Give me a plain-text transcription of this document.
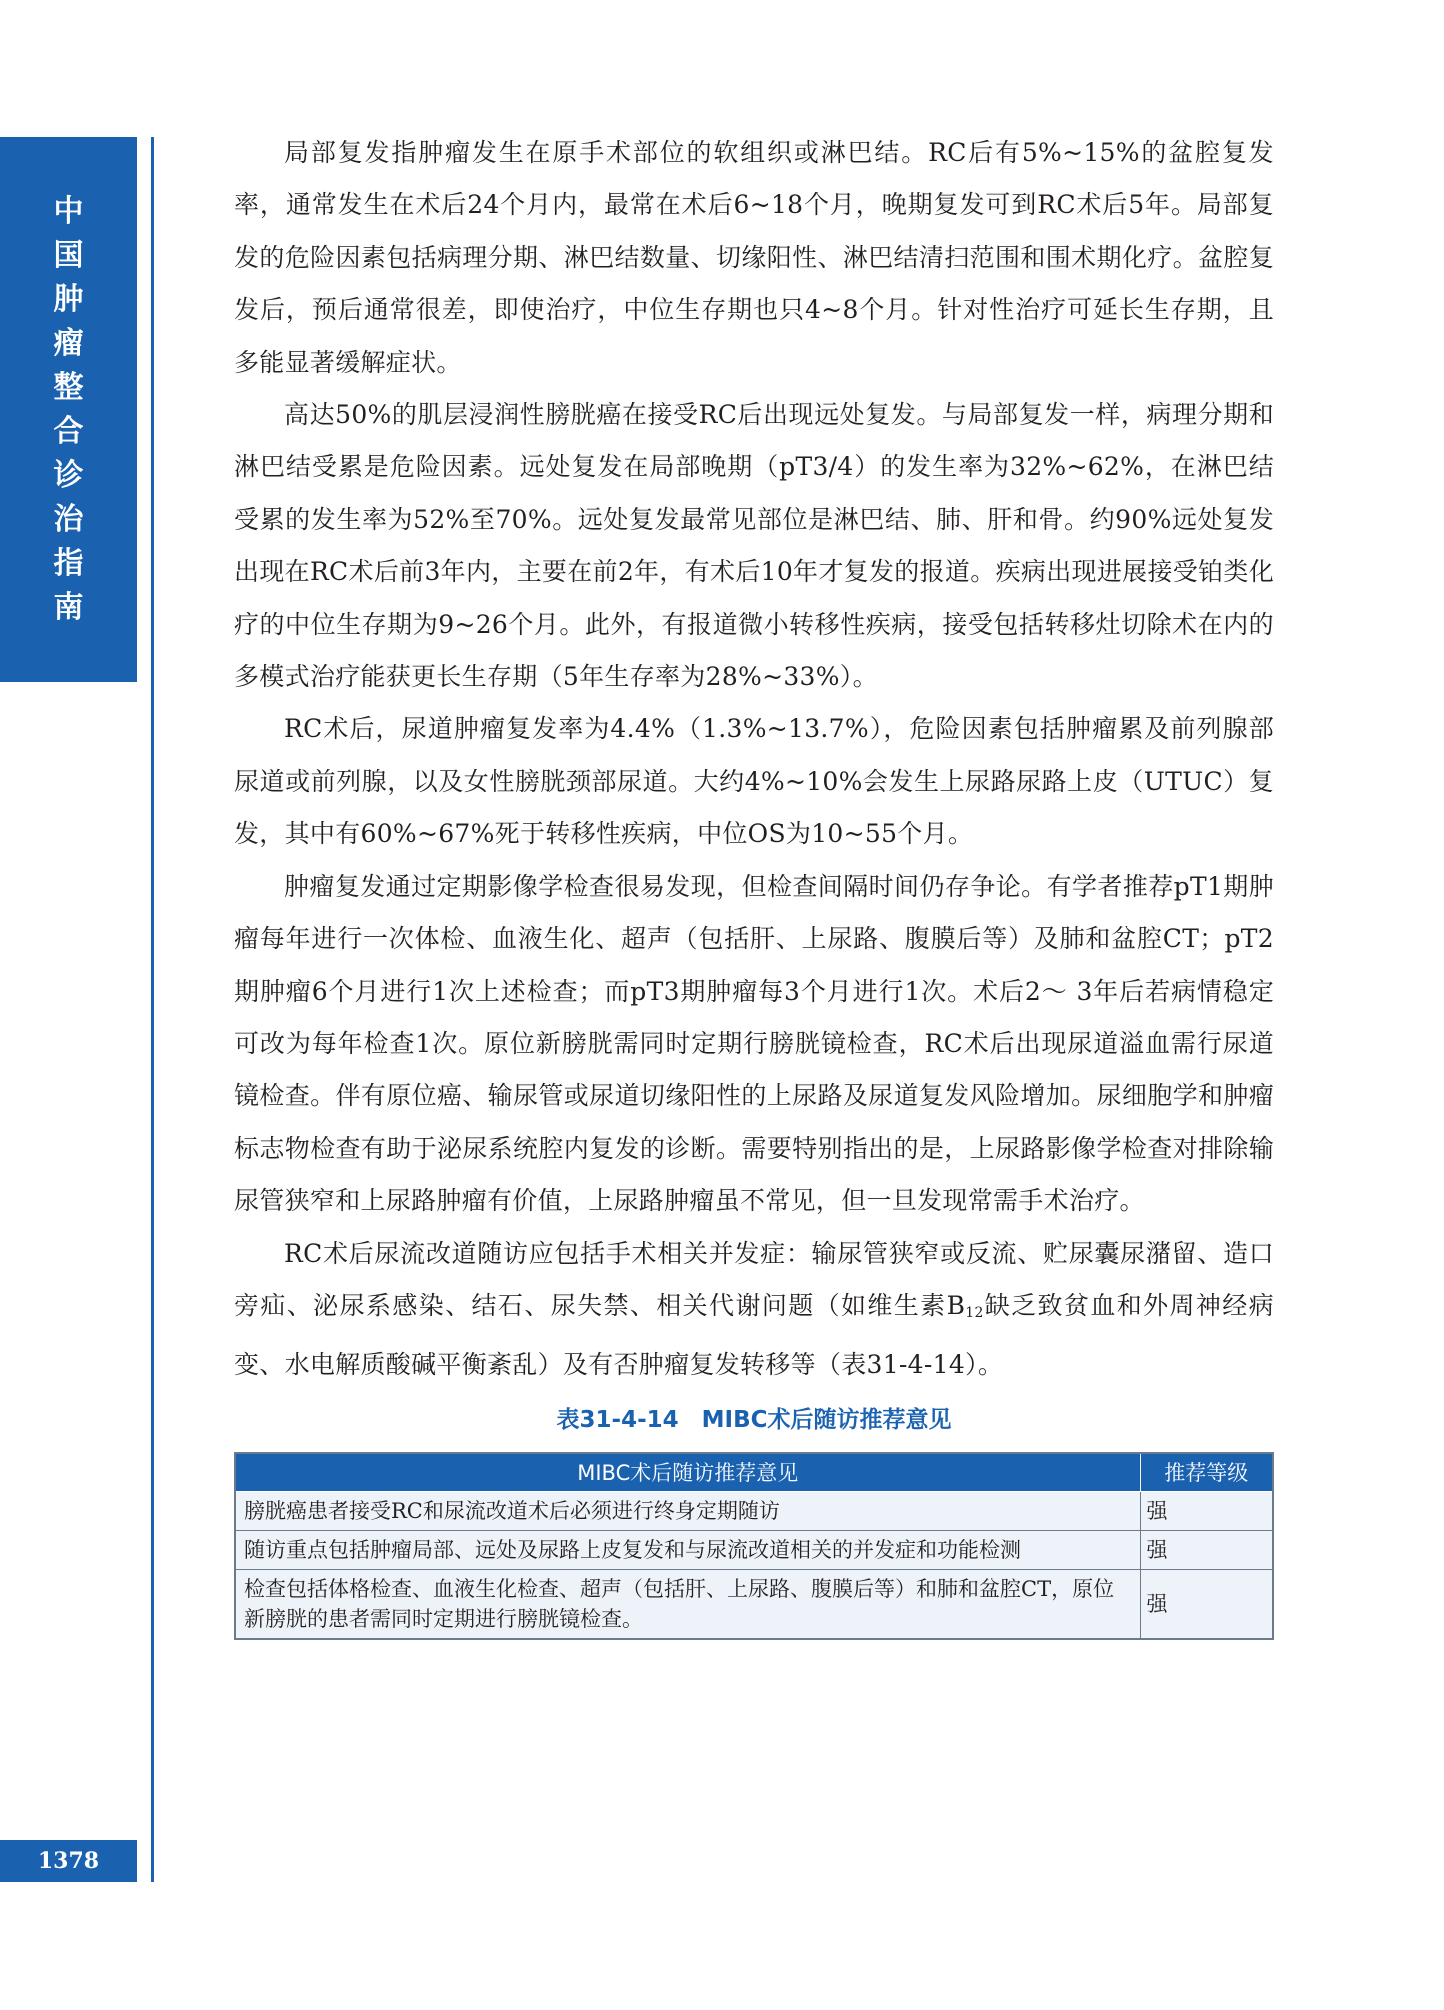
中
国
肿
瘤
整
合
诊
治
指
南
1378

局部复发指肿瘤发生在原手术部位的软组织或淋巴结。RC后有5%~15%的盆腔复发率，通常发生在术后24个月内，最常在术后6~18个月，晚期复发可到RC术后5年。局部复发的危险因素包括病理分期、淋巴结数量、切缘阳性、淋巴结清扫范围和围术期化疗。盆腔复发后，预后通常很差，即使治疗，中位生存期也只4~8个月。针对性治疗可延长生存期，且多能显著缓解症状。

高达50%的肌层浸润性膀胱癌在接受RC后出现远处复发。与局部复发一样，病理分期和淋巴结受累是危险因素。远处复发在局部晚期（pT3/4）的发生率为32%~62%，在淋巴结受累的发生率为52%至70%。远处复发最常见部位是淋巴结、肺、肝和骨。约90%远处复发出现在RC术后前3年内，主要在前2年，有术后10年才复发的报道。疾病出现进展接受铂类化疗的中位生存期为9~26个月。此外，有报道微小转移性疾病，接受包括转移灶切除术在内的多模式治疗能获更长生存期（5年生存率为28%~33%）。

RC术后，尿道肿瘤复发率为4.4%（1.3%~13.7%），危险因素包括肿瘤累及前列腺部尿道或前列腺，以及女性膀胱颈部尿道。大约4%~10%会发生上尿路尿路上皮（UTUC）复发，其中有60%~67%死于转移性疾病，中位OS为10~55个月。

肿瘤复发通过定期影像学检查很易发现，但检查间隔时间仍存争论。有学者推荐pT1期肿瘤每年进行一次体检、血液生化、超声（包括肝、上尿路、腹膜后等）及肺和盆腔CT；pT2期肿瘤6个月进行1次上述检查；而pT3期肿瘤每3个月进行1次。术后2～ 3年后若病情稳定可改为每年检查1次。原位新膀胱需同时定期行膀胱镜检查，RC术后出现尿道溢血需行尿道镜检查。伴有原位癌、输尿管或尿道切缘阳性的上尿路及尿道复发风险增加。尿细胞学和肿瘤标志物检查有助于泌尿系统腔内复发的诊断。需要特别指出的是，上尿路影像学检查对排除输尿管狭窄和上尿路肿瘤有价值，上尿路肿瘤虽不常见，但一旦发现常需手术治疗。

RC术后尿流改道随访应包括手术相关并发症：输尿管狭窄或反流、贮尿囊尿潴留、造口旁疝、泌尿系感染、结石、尿失禁、相关代谢问题（如维生素$B_{12}$缺乏致贫血和外周神经病变、水电解质酸碱平衡紊乱）及有否肿瘤复发转移等（表31-4-14）。

表31-4-14　MIBC术后随访推荐意见
MIBC术后随访推荐意见	推荐等级
膀胱癌患者接受RC和尿流改道术后必须进行终身定期随访	强
随访重点包括肿瘤局部、远处及尿路上皮复发和与尿流改道相关的并发症和功能检测	强
检查包括体格检查、血液生化检查、超声（包括肝、上尿路、腹膜后等）和肺和盆腔CT，原位新膀胱的患者需同时定期进行膀胱镜检查。	强
